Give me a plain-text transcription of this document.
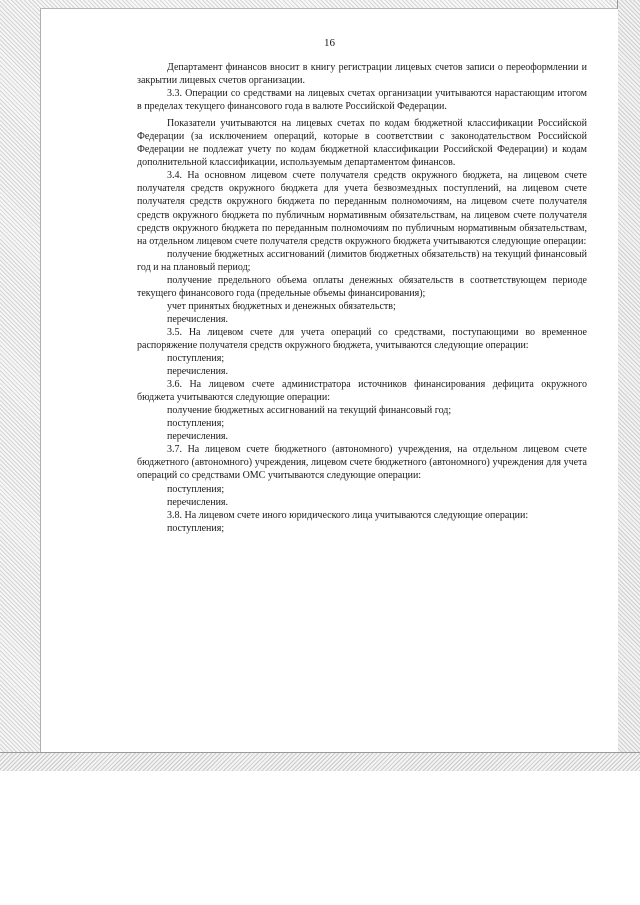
16

Департамент финансов вносит в книгу регистрации лицевых счетов записи о переоформлении и закрытии лицевых счетов организации.

3.3. Операции со средствами на лицевых счетах организации учитываются нарастающим итогом в пределах текущего финансового года в валюте Российской Федерации.

Показатели учитываются на лицевых счетах по кодам бюджетной классификации Российской Федерации (за исключением операций, которые в соответствии с законодательством Российской Федерации не подлежат учету по кодам бюджетной классификации Российской Федерации) и кодам дополнительной классификации, используемым департаментом финансов.

3.4. На основном лицевом счете получателя средств окружного бюджета, на лицевом счете получателя средств окружного бюджета для учета безвозмездных поступлений, на лицевом счете получателя средств окружного бюджета по переданным полномочиям, на лицевом счете получателя средств окружного бюджета по публичным нормативным обязательствам, на лицевом счете получателя средств окружного бюджета по переданным полномочиям по публичным нормативным обязательствам, на отдельном лицевом счете получателя средств окружного бюджета учитываются следующие операции:

получение бюджетных ассигнований (лимитов бюджетных обязательств) на текущий финансовый год и на плановый период;

получение предельного объема оплаты денежных обязательств в соответствующем периоде текущего финансового года (предельные объемы финансирования);

учет принятых бюджетных и денежных обязательств;

перечисления.

3.5. На лицевом счете для учета операций со средствами, поступающими во временное распоряжение получателя средств окружного бюджета, учитываются следующие операции:

поступления;

перечисления.

3.6. На лицевом счете администратора источников финансирования дефицита окружного бюджета учитываются следующие операции:

получение бюджетных ассигнований на текущий финансовый год;

поступления;

перечисления.

3.7. На лицевом счете бюджетного (автономного) учреждения, на отдельном лицевом счете бюджетного (автономного) учреждения, лицевом счете бюджетного (автономного) учреждения для учета операций со средствами ОМС учитываются следующие операции:

поступления;

перечисления.

3.8. На лицевом счете иного юридического лица учитываются следующие операции:

поступления;
